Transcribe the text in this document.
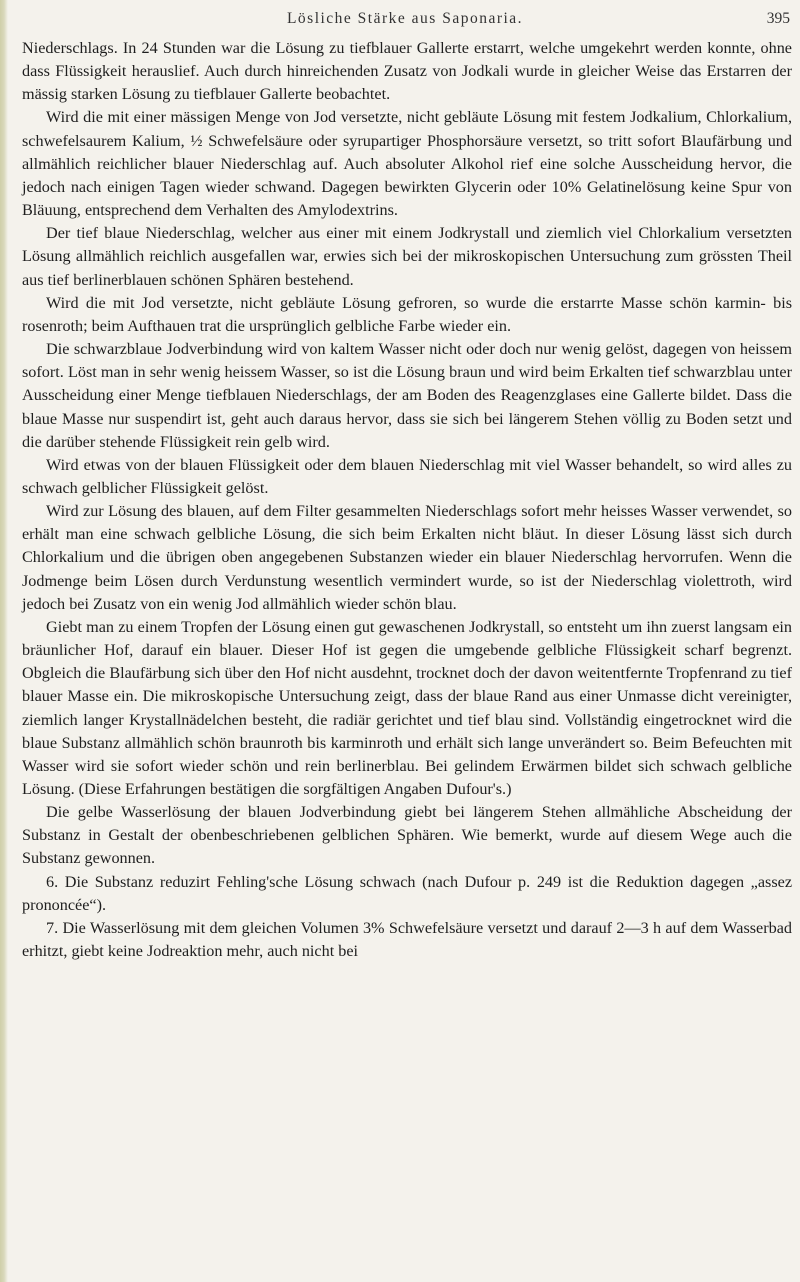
Lösliche Stärke aus Saponaria.	395

Niederschlags. In 24 Stunden war die Lösung zu tiefblauer Gallerte erstarrt, welche umgekehrt werden konnte, ohne dass Flüssigkeit herauslief. Auch durch hinreichenden Zusatz von Jodkali wurde in gleicher Weise das Erstarren der mässig starken Lösung zu tiefblauer Gallerte beobachtet.

Wird die mit einer mässigen Menge von Jod versetzte, nicht gebläute Lösung mit festem Jodkalium, Chlorkalium, schwefelsaurem Kalium, ½ Schwefelsäure oder syrupartiger Phosphorsäure versetzt, so tritt sofort Blaufärbung und allmählich reichlicher blauer Niederschlag auf. Auch absoluter Alkohol rief eine solche Ausscheidung hervor, die jedoch nach einigen Tagen wieder schwand. Dagegen bewirkten Glycerin oder 10% Gelatinelösung keine Spur von Bläuung, entsprechend dem Verhalten des Amylodextrins.

Der tief blaue Niederschlag, welcher aus einer mit einem Jodkrystall und ziemlich viel Chlorkalium versetzten Lösung allmählich reichlich ausgefallen war, erwies sich bei der mikroskopischen Untersuchung zum grössten Theil aus tief berlinerblauen schönen Sphären bestehend.

Wird die mit Jod versetzte, nicht gebläute Lösung gefroren, so wurde die erstarrte Masse schön karmin- bis rosenroth; beim Aufthauen trat die ursprünglich gelbliche Farbe wieder ein.

Die schwarzblaue Jodverbindung wird von kaltem Wasser nicht oder doch nur wenig gelöst, dagegen von heissem sofort. Löst man in sehr wenig heissem Wasser, so ist die Lösung braun und wird beim Erkalten tief schwarzblau unter Ausscheidung einer Menge tiefblauen Niederschlags, der am Boden des Reagenzglases eine Gallerte bildet. Dass die blaue Masse nur suspendirt ist, geht auch daraus hervor, dass sie sich bei längerem Stehen völlig zu Boden setzt und die darüber stehende Flüssigkeit rein gelb wird.

Wird etwas von der blauen Flüssigkeit oder dem blauen Niederschlag mit viel Wasser behandelt, so wird alles zu schwach gelblicher Flüssigkeit gelöst.

Wird zur Lösung des blauen, auf dem Filter gesammelten Niederschlags sofort mehr heisses Wasser verwendet, so erhält man eine schwach gelbliche Lösung, die sich beim Erkalten nicht bläut. In dieser Lösung lässt sich durch Chlorkalium und die übrigen oben angegebenen Substanzen wieder ein blauer Niederschlag hervorrufen. Wenn die Jodmenge beim Lösen durch Verdunstung wesentlich vermindert wurde, so ist der Niederschlag violettroth, wird jedoch bei Zusatz von ein wenig Jod allmählich wieder schön blau.

Giebt man zu einem Tropfen der Lösung einen gut gewaschenen Jodkrystall, so entsteht um ihn zuerst langsam ein bräunlicher Hof, darauf ein blauer. Dieser Hof ist gegen die umgebende gelbliche Flüssigkeit scharf begrenzt. Obgleich die Blaufärbung sich über den Hof nicht ausdehnt, trocknet doch der davon weitentfernte Tropfenrand zu tief blauer Masse ein. Die mikroskopische Untersuchung zeigt, dass der blaue Rand aus einer Unmasse dicht vereinigter, ziemlich langer Krystallnädelchen besteht, die radiär gerichtet und tief blau sind. Vollständig eingetrocknet wird die blaue Substanz allmählich schön braunroth bis karminroth und erhält sich lange unverändert so. Beim Befeuchten mit Wasser wird sie sofort wieder schön und rein berlinerblau. Bei gelindem Erwärmen bildet sich schwach gelbliche Lösung. (Diese Erfahrungen bestätigen die sorgfältigen Angaben Dufour's.)

Die gelbe Wasserlösung der blauen Jodverbindung giebt bei längerem Stehen allmähliche Abscheidung der Substanz in Gestalt der obenbeschriebenen gelblichen Sphären. Wie bemerkt, wurde auf diesem Wege auch die Substanz gewonnen.

6. Die Substanz reduzirt Fehling'sche Lösung schwach (nach Dufour p. 249 ist die Reduktion dagegen „assez prononcée“).

7. Die Wasserlösung mit dem gleichen Volumen 3% Schwefelsäure versetzt und darauf 2—3 h auf dem Wasserbad erhitzt, giebt keine Jodreaktion mehr, auch nicht bei
